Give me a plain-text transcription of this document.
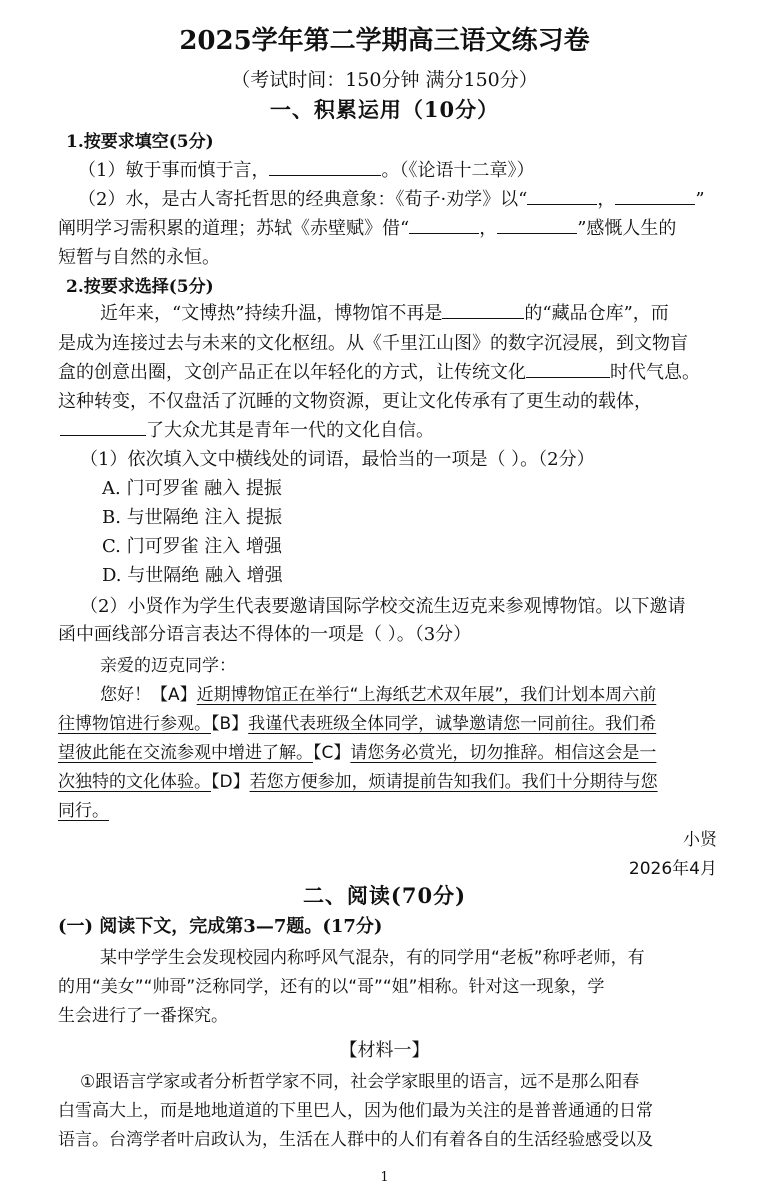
2025学年第二学期高三语文练习卷
（考试时间：150分钟 满分150分）
一、积累运用（10分）
1.按要求填空(5分)
（1）敏于事而慎于言，	。（《论语十二章》）
（2）水，是古人寄托哲思的经典意象：《荀子·劝学》以“	，	”
阐明学习需积累的道理；苏轼《赤壁赋》借“	，	”感慨人生的
短暂与自然的永恒。
2.按要求选择(5分)
近年来，“文博热”持续升温，博物馆不再是	的“藏品仓库”，而
是成为连接过去与未来的文化枢纽。从《千里江山图》的数字沉浸展，到文物盲
盒的创意出圈，文创产品正在以年轻化的方式，让传统文化	时代气息。
这种转变，不仅盘活了沉睡的文物资源，更让文化传承有了更生动的载体，
了大众尤其是青年一代的文化自信。
（1）依次填入文中横线处的词语，最恰当的一项是（ ）。（2分）
A. 门可罗雀 融入 提振
B. 与世隔绝 注入 提振
C. 门可罗雀 注入 增强
D. 与世隔绝 融入 增强
（2）小贤作为学生代表要邀请国际学校交流生迈克来参观博物馆。以下邀请
函中画线部分语言表达不得体的一项是（ ）。（3分）
亲爱的迈克同学：
您好！【A】近期博物馆正在举行“上海纸艺术双年展”，我们计划本周六前
往博物馆进行参观。【B】我谨代表班级全体同学，诚挚邀请您一同前往。我们希
望彼此能在交流参观中增进了解。【C】请您务必赏光，切勿推辞。相信这会是一
次独特的文化体验。【D】若您方便参加，烦请提前告知我们。我们十分期待与您
同行。
小贤
2026年4月
二、阅读(70分)
(一) 阅读下文，完成第3—7题。(17分)
某中学学生会发现校园内称呼风气混杂，有的同学用“老板”称呼老师，有
的用“美女”“帅哥”泛称同学，还有的以“哥”“姐”相称。针对这一现象，学
生会进行了一番探究。
【材料一】
①跟语言学家或者分析哲学家不同，社会学家眼里的语言，远不是那么阳春
白雪高大上，而是地地道道的下里巴人，因为他们最为关注的是普普通通的日常
语言。台湾学者叶启政认为，生活在人群中的人们有着各自的生活经验感受以及
1
